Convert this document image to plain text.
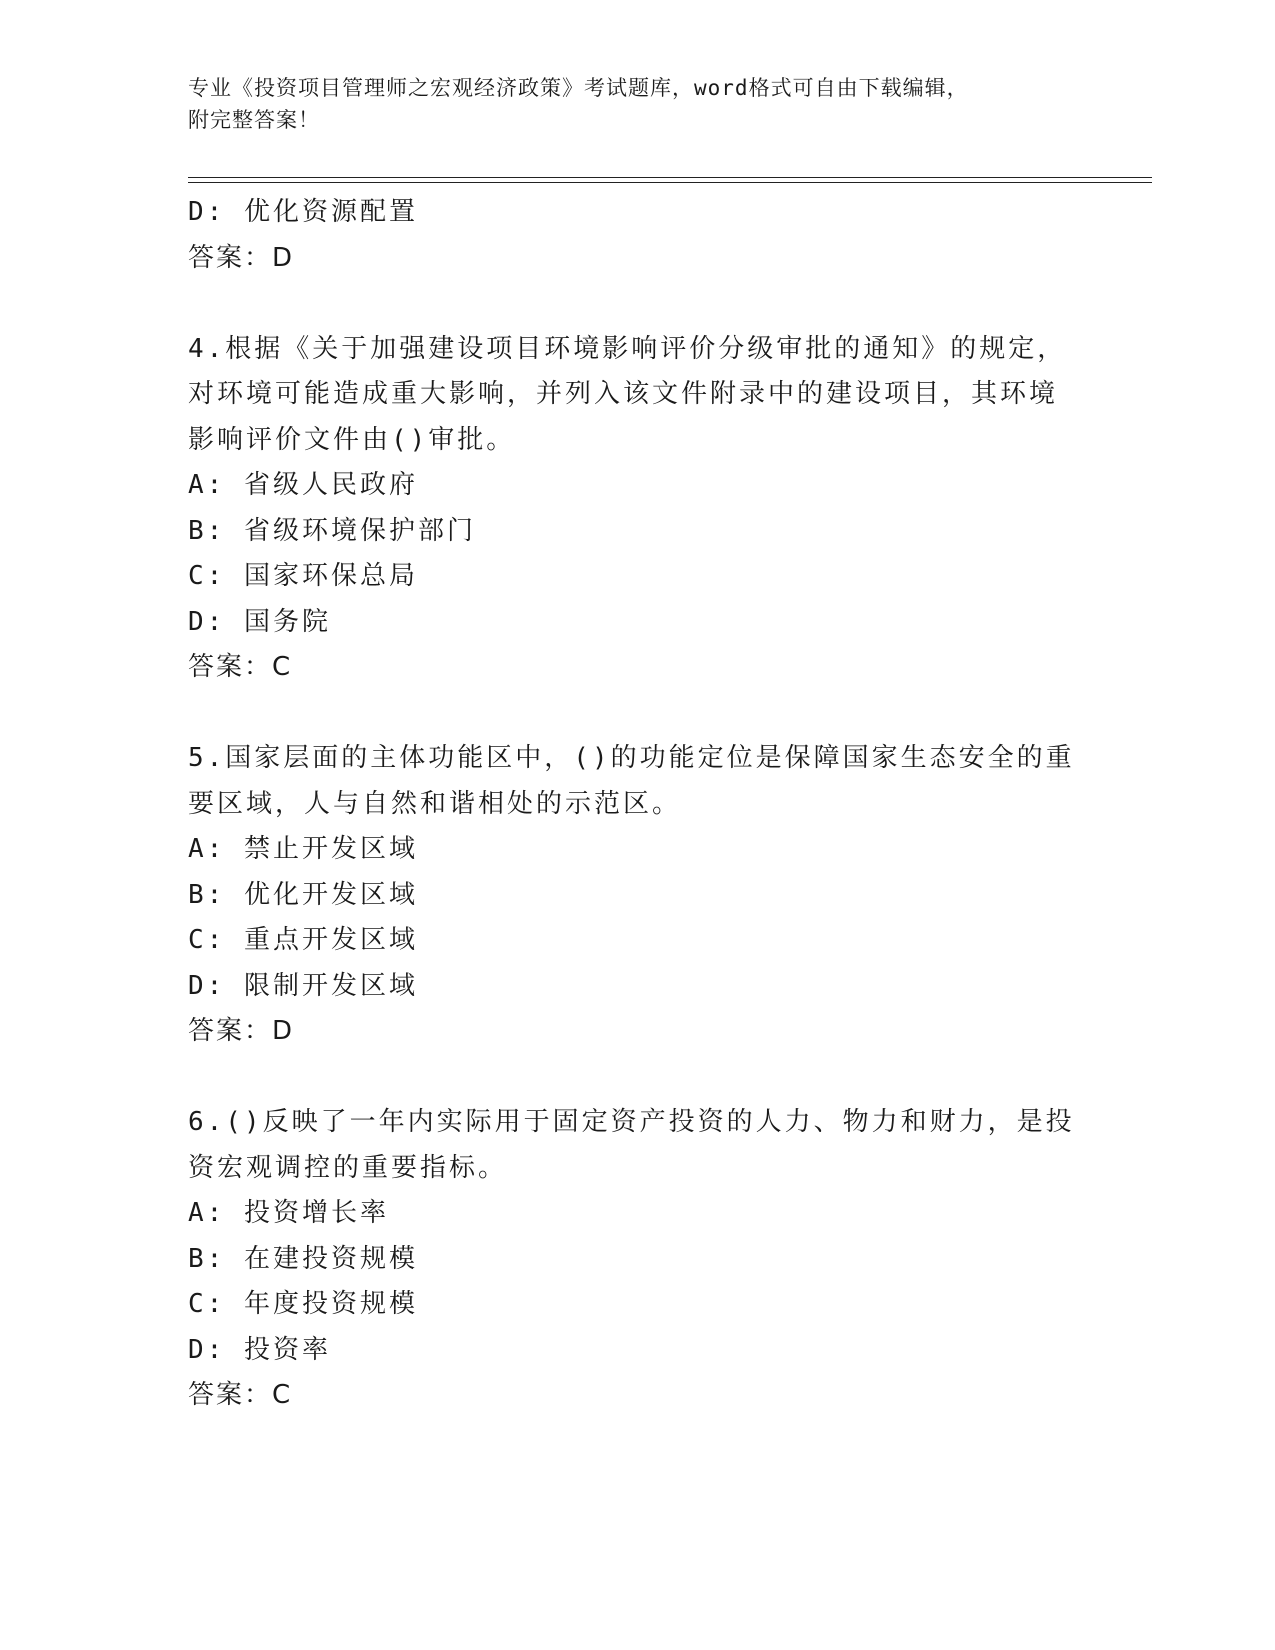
专业《投资项目管理师之宏观经济政策》考试题库，word格式可自由下载编辑，
附完整答案！
D: 优化资源配置
答案：D
4.根据《关于加强建设项目环境影响评价分级审批的通知》的规定，
对环境可能造成重大影响，并列入该文件附录中的建设项目，其环境
影响评价文件由()审批。
A: 省级人民政府
B: 省级环境保护部门
C: 国家环保总局
D: 国务院
答案：C
5.国家层面的主体功能区中，()的功能定位是保障国家生态安全的重
要区域，人与自然和谐相处的示范区。
A: 禁止开发区域
B: 优化开发区域
C: 重点开发区域
D: 限制开发区域
答案：D
6.()反映了一年内实际用于固定资产投资的人力、物力和财力，是投
资宏观调控的重要指标。
A: 投资增长率
B: 在建投资规模
C: 年度投资规模
D: 投资率
答案：C
